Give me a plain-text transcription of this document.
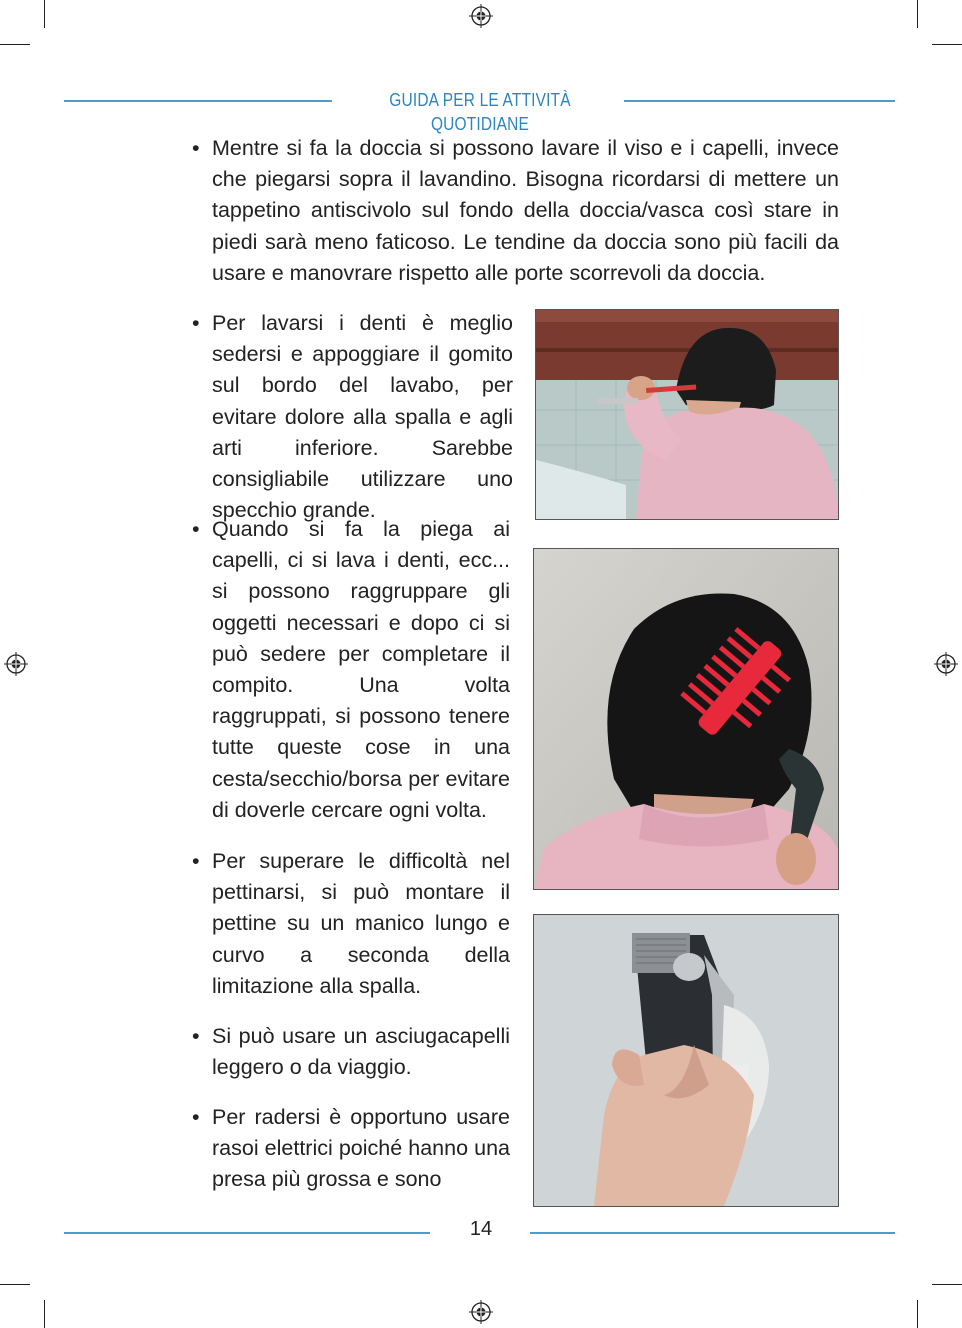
GUIDA PER LE ATTIVITÀ QUOTIDIANE
• Mentre si fa la doccia si possono lavare il viso e i capelli, invece che piegarsi sopra il lavandino. Bisogna ricordarsi di mettere un tappetino antiscivolo sul fondo della doccia/vasca così stare in piedi sarà meno faticoso. Le tendine da doccia sono più facili da usare e manovrare rispetto alle porte scorrevoli da doccia.

• Per lavarsi i denti è meglio sedersi e appoggiare il gomito sul bordo del lavabo, per evitare dolore alla spalla e agli arti inferiore. Sarebbe consigliabile utilizzare uno specchio grande.

• Quando si fa la piega ai capelli, ci si lava i denti, ecc... si possono raggruppare gli oggetti necessari e dopo ci si può sedere per completare il compito. Una volta raggruppati, si possono tenere tutte queste cose in una cesta/secchio/borsa per evitare di doverle cercare ogni volta.

• Per superare le difficoltà nel pettinarsi, si può montare il pettine su un manico lungo e curvo a seconda della limitazione alla spalla.

• Si può usare un asciugacapelli leggero o da viaggio.

• Per radersi è opportuno usare rasoi elettrici poiché hanno una presa più grossa e sono

14
